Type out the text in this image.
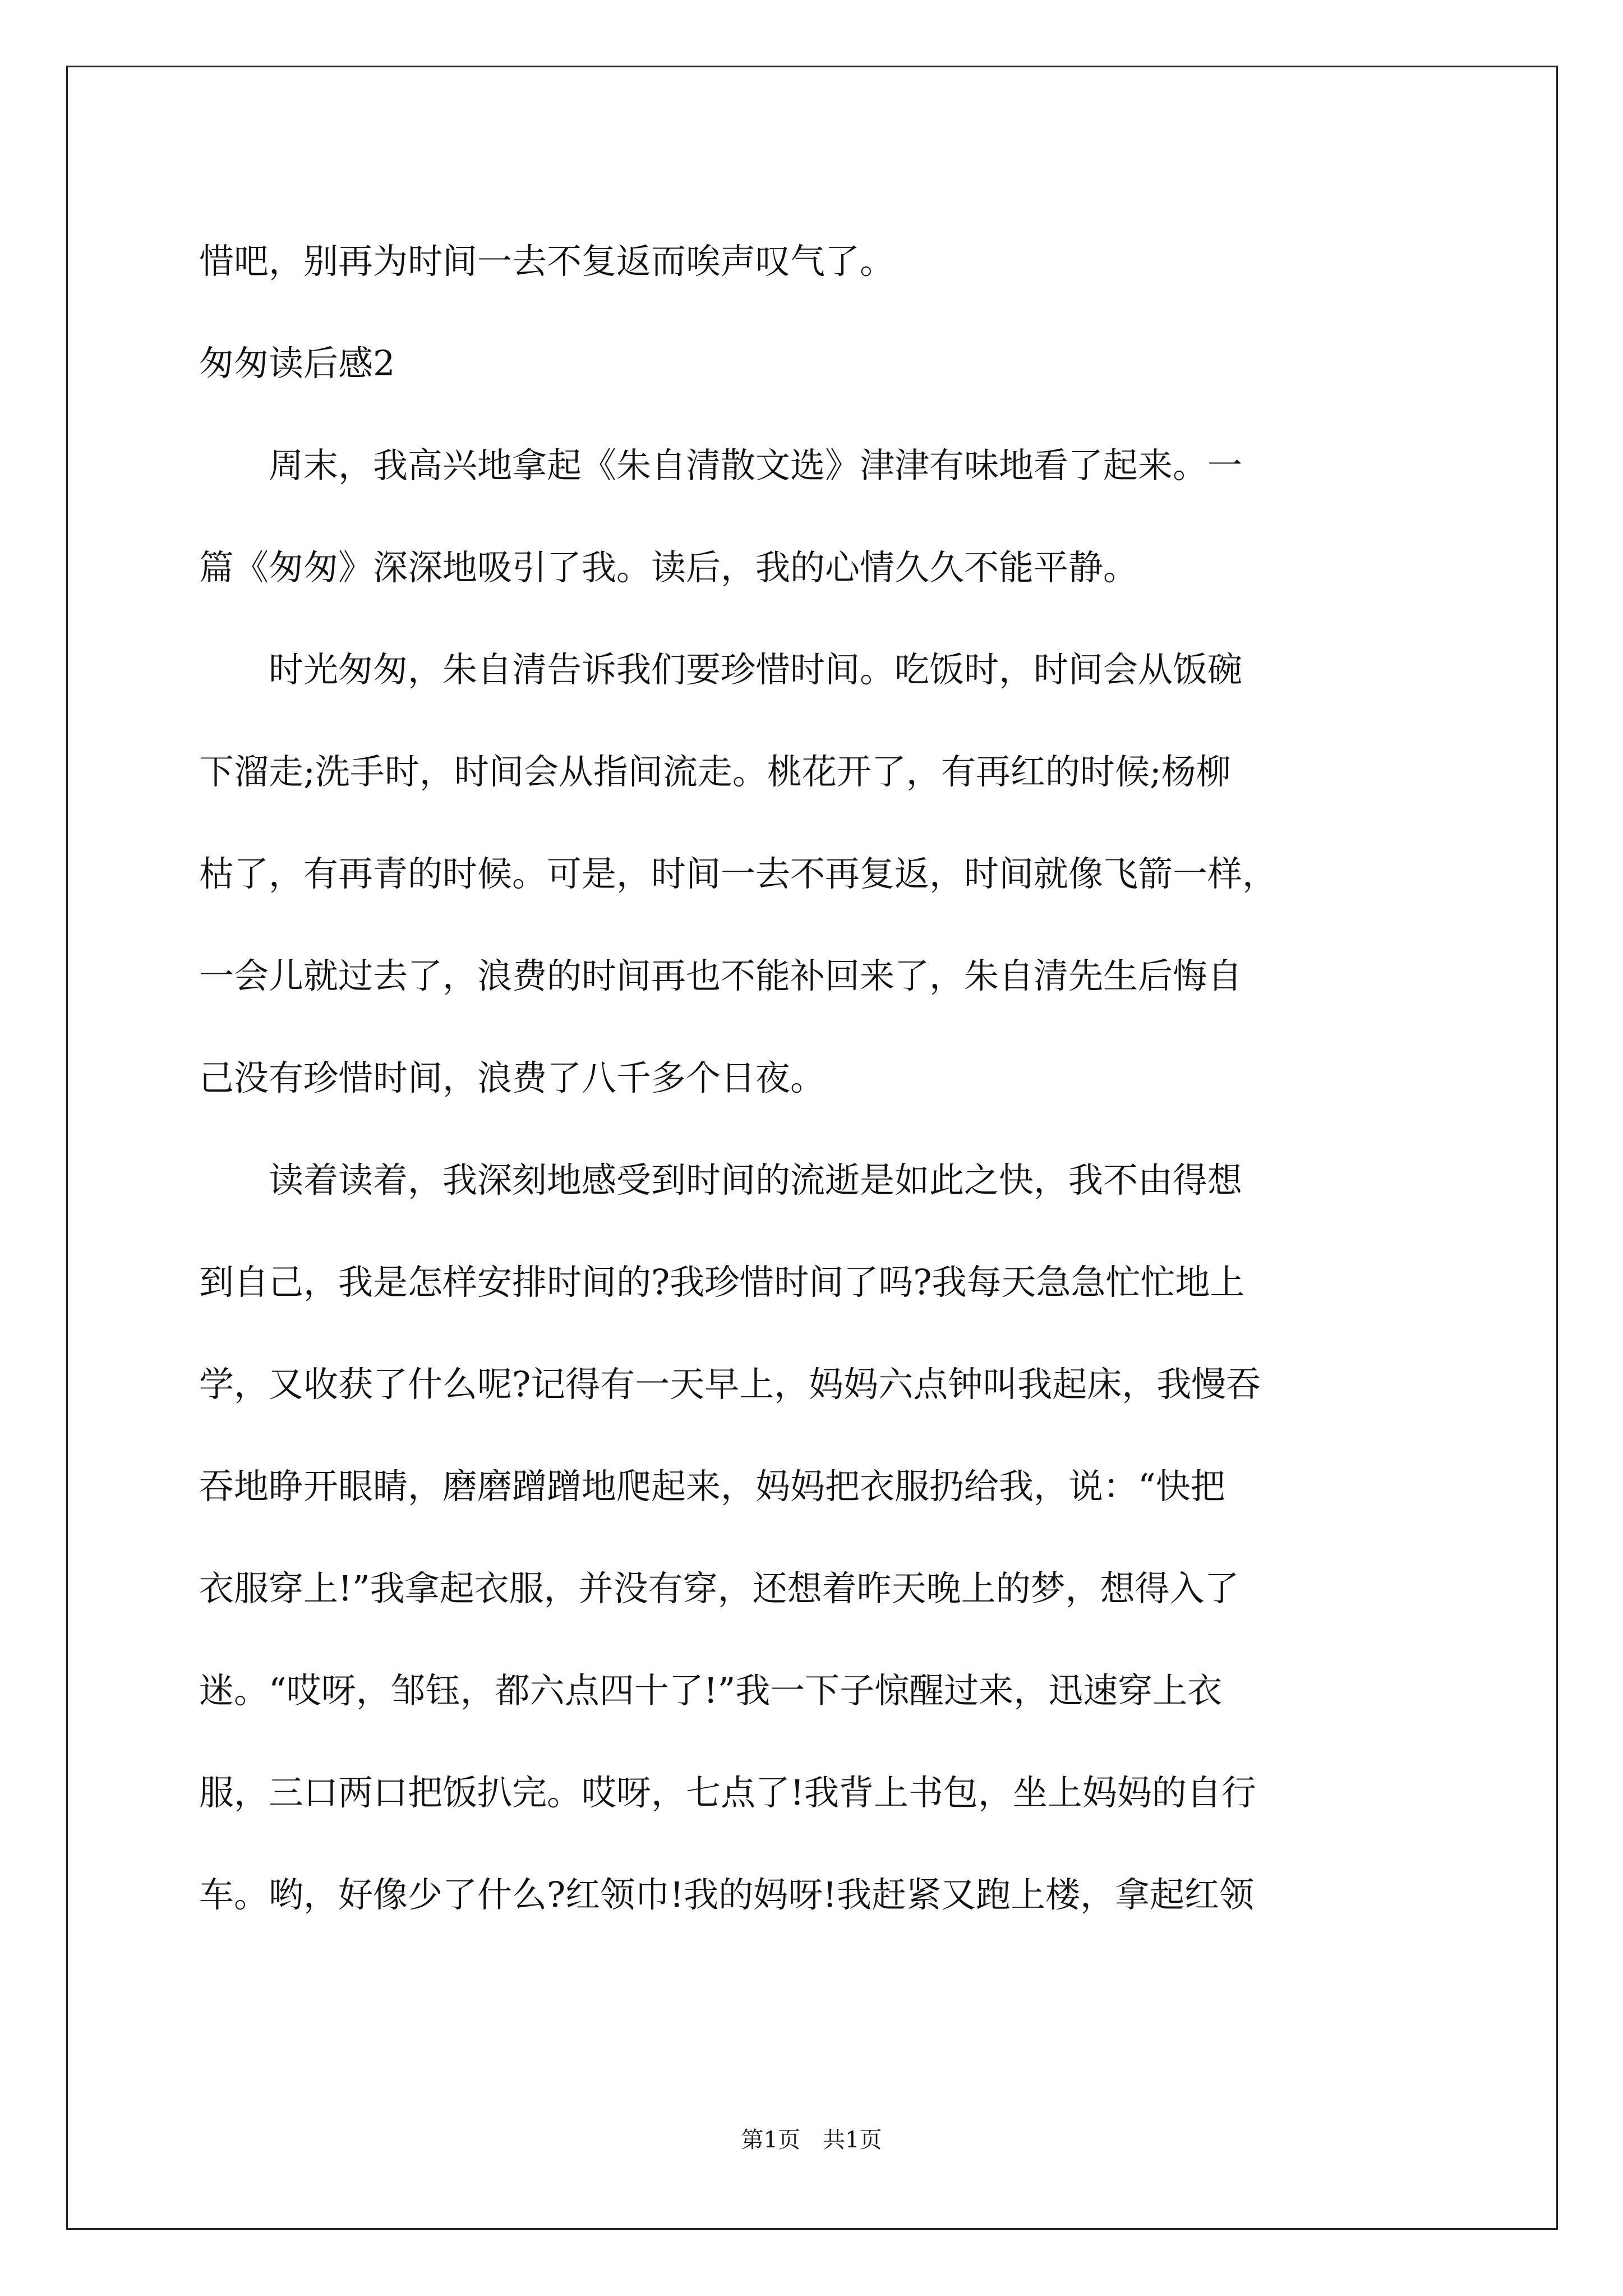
惜吧，别再为时间一去不复返而唉声叹气了。
匆匆读后感2
　　周末，我高兴地拿起《朱自清散文选》津津有味地看了起来。一
篇《匆匆》深深地吸引了我。读后，我的心情久久不能平静。
　　时光匆匆，朱自清告诉我们要珍惜时间。吃饭时，时间会从饭碗
下溜走;洗手时，时间会从指间流走。桃花开了，有再红的时候;杨柳
枯了，有再青的时候。可是，时间一去不再复返，时间就像飞箭一样，
一会儿就过去了，浪费的时间再也不能补回来了，朱自清先生后悔自
己没有珍惜时间，浪费了八千多个日夜。
　　读着读着，我深刻地感受到时间的流逝是如此之快，我不由得想
到自己，我是怎样安排时间的?我珍惜时间了吗?我每天急急忙忙地上
学，又收获了什么呢?记得有一天早上，妈妈六点钟叫我起床，我慢吞
吞地睁开眼睛，磨磨蹭蹭地爬起来，妈妈把衣服扔给我，说：“快把
衣服穿上!”我拿起衣服，并没有穿，还想着昨天晚上的梦，想得入了
迷。“哎呀，邹钰，都六点四十了!”我一下子惊醒过来，迅速穿上衣
服，三口两口把饭扒完。哎呀，七点了!我背上书包，坐上妈妈的自行
车。哟，好像少了什么?红领巾!我的妈呀!我赶紧又跑上楼，拿起红领
第1页　共1页
